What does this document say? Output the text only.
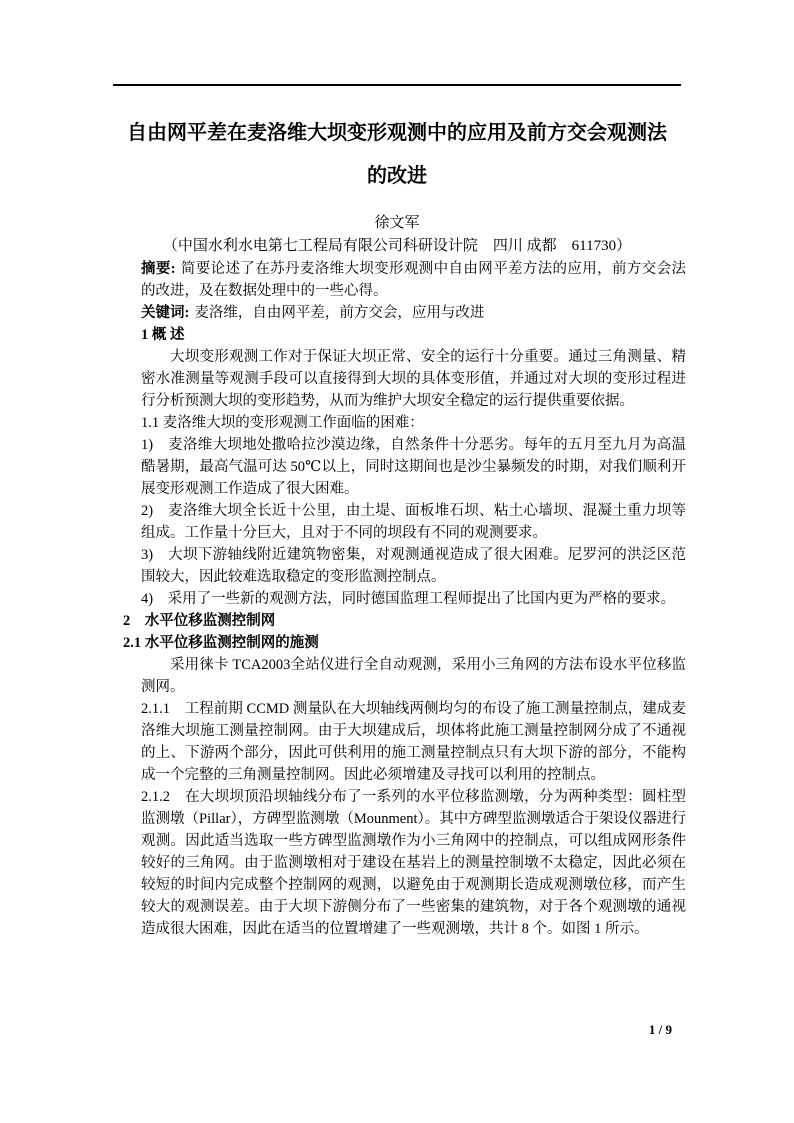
自由网平差在麦洛维大坝变形观测中的应用及前方交会观测法
的改进
徐文军
（中国水利水电第七工程局有限公司科研设计院　四川 成都　611730）

摘要: 简要论述了在苏丹麦洛维大坝变形观测中自由网平差方法的应用，前方交会法的改进，及在数据处理中的一些心得。

关键词: 麦洛维，自由网平差，前方交会，应用与改进

1 概 述

大坝变形观测工作对于保证大坝正常、安全的运行十分重要。通过三角测量、精密水准测量等观测手段可以直接得到大坝的具体变形值，并通过对大坝的变形过程进行分析预测大坝的变形趋势，从而为维护大坝安全稳定的运行提供重要依据。

1.1 麦洛维大坝的变形观测工作面临的困难：

1)　麦洛维大坝地处撒哈拉沙漠边缘，自然条件十分恶劣。每年的五月至九月为高温酷暑期，最高气温可达 50℃以上，同时这期间也是沙尘暴频发的时期，对我们顺利开展变形观测工作造成了很大困难。

2)　麦洛维大坝全长近十公里，由土堤、面板堆石坝、粘土心墙坝、混凝土重力坝等组成。工作量十分巨大，且对于不同的坝段有不同的观测要求。

3)　大坝下游轴线附近建筑物密集，对观测通视造成了很大困难。尼罗河的洪泛区范围较大，因此较难选取稳定的变形监测控制点。

4)　采用了一些新的观测方法，同时德国监理工程师提出了比国内更为严格的要求。

2　水平位移监测控制网

2.1 水平位移监测控制网的施测

采用徕卡 TCA2003全站仪进行全自动观测，采用小三角网的方法布设水平位移监测网。

2.1.1　工程前期 CCMD 测量队在大坝轴线两侧均匀的布设了施工测量控制点，建成麦洛维大坝施工测量控制网。由于大坝建成后，坝体将此施工测量控制网分成了不通视的上、下游两个部分，因此可供利用的施工测量控制点只有大坝下游的部分，不能构成一个完整的三角测量控制网。因此必须增建及寻找可以利用的控制点。

2.1.2　在大坝坝顶沿坝轴线分布了一系列的水平位移监测墩，分为两种类型：圆柱型监测墩（Pillar），方碑型监测墩（Mounment）。其中方碑型监测墩适合于架设仪器进行观测。因此适当选取一些方碑型监测墩作为小三角网中的控制点，可以组成网形条件较好的三角网。由于监测墩相对于建设在基岩上的测量控制墩不太稳定，因此必须在较短的时间内完成整个控制网的观测，以避免由于观测期长造成观测墩位移，而产生较大的观测误差。由于大坝下游侧分布了一些密集的建筑物，对于各个观测墩的通视造成很大困难，因此在适当的位置增建了一些观测墩，共计 8 个。如图 1 所示。

1 / 9
